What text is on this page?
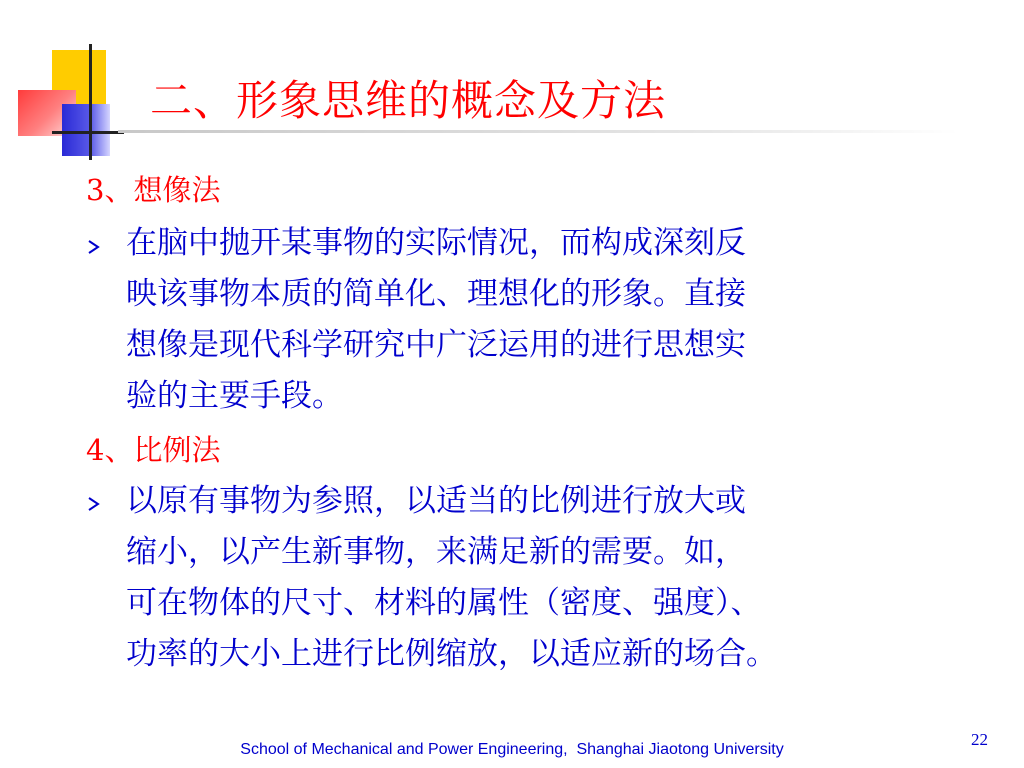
二、形象思维的概念及方法
3、想像法

在脑中抛开某事物的实际情况，而构成深刻反
映该事物本质的简单化、理想化的形象。直接
想像是现代科学研究中广泛运用的进行思想实
验的主要手段。

4、比例法

以原有事物为参照，以适当的比例进行放大或
缩小，以产生新事物，来满足新的需要。如，
可在物体的尺寸、材料的属性（密度、强度）、
功率的大小上进行比例缩放，以适应新的场合。

22
School of Mechanical and Power Engineering,  Shanghai Jiaotong University
